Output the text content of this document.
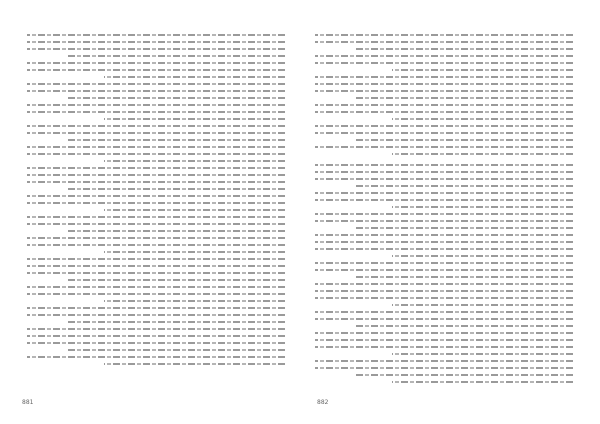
881	882
